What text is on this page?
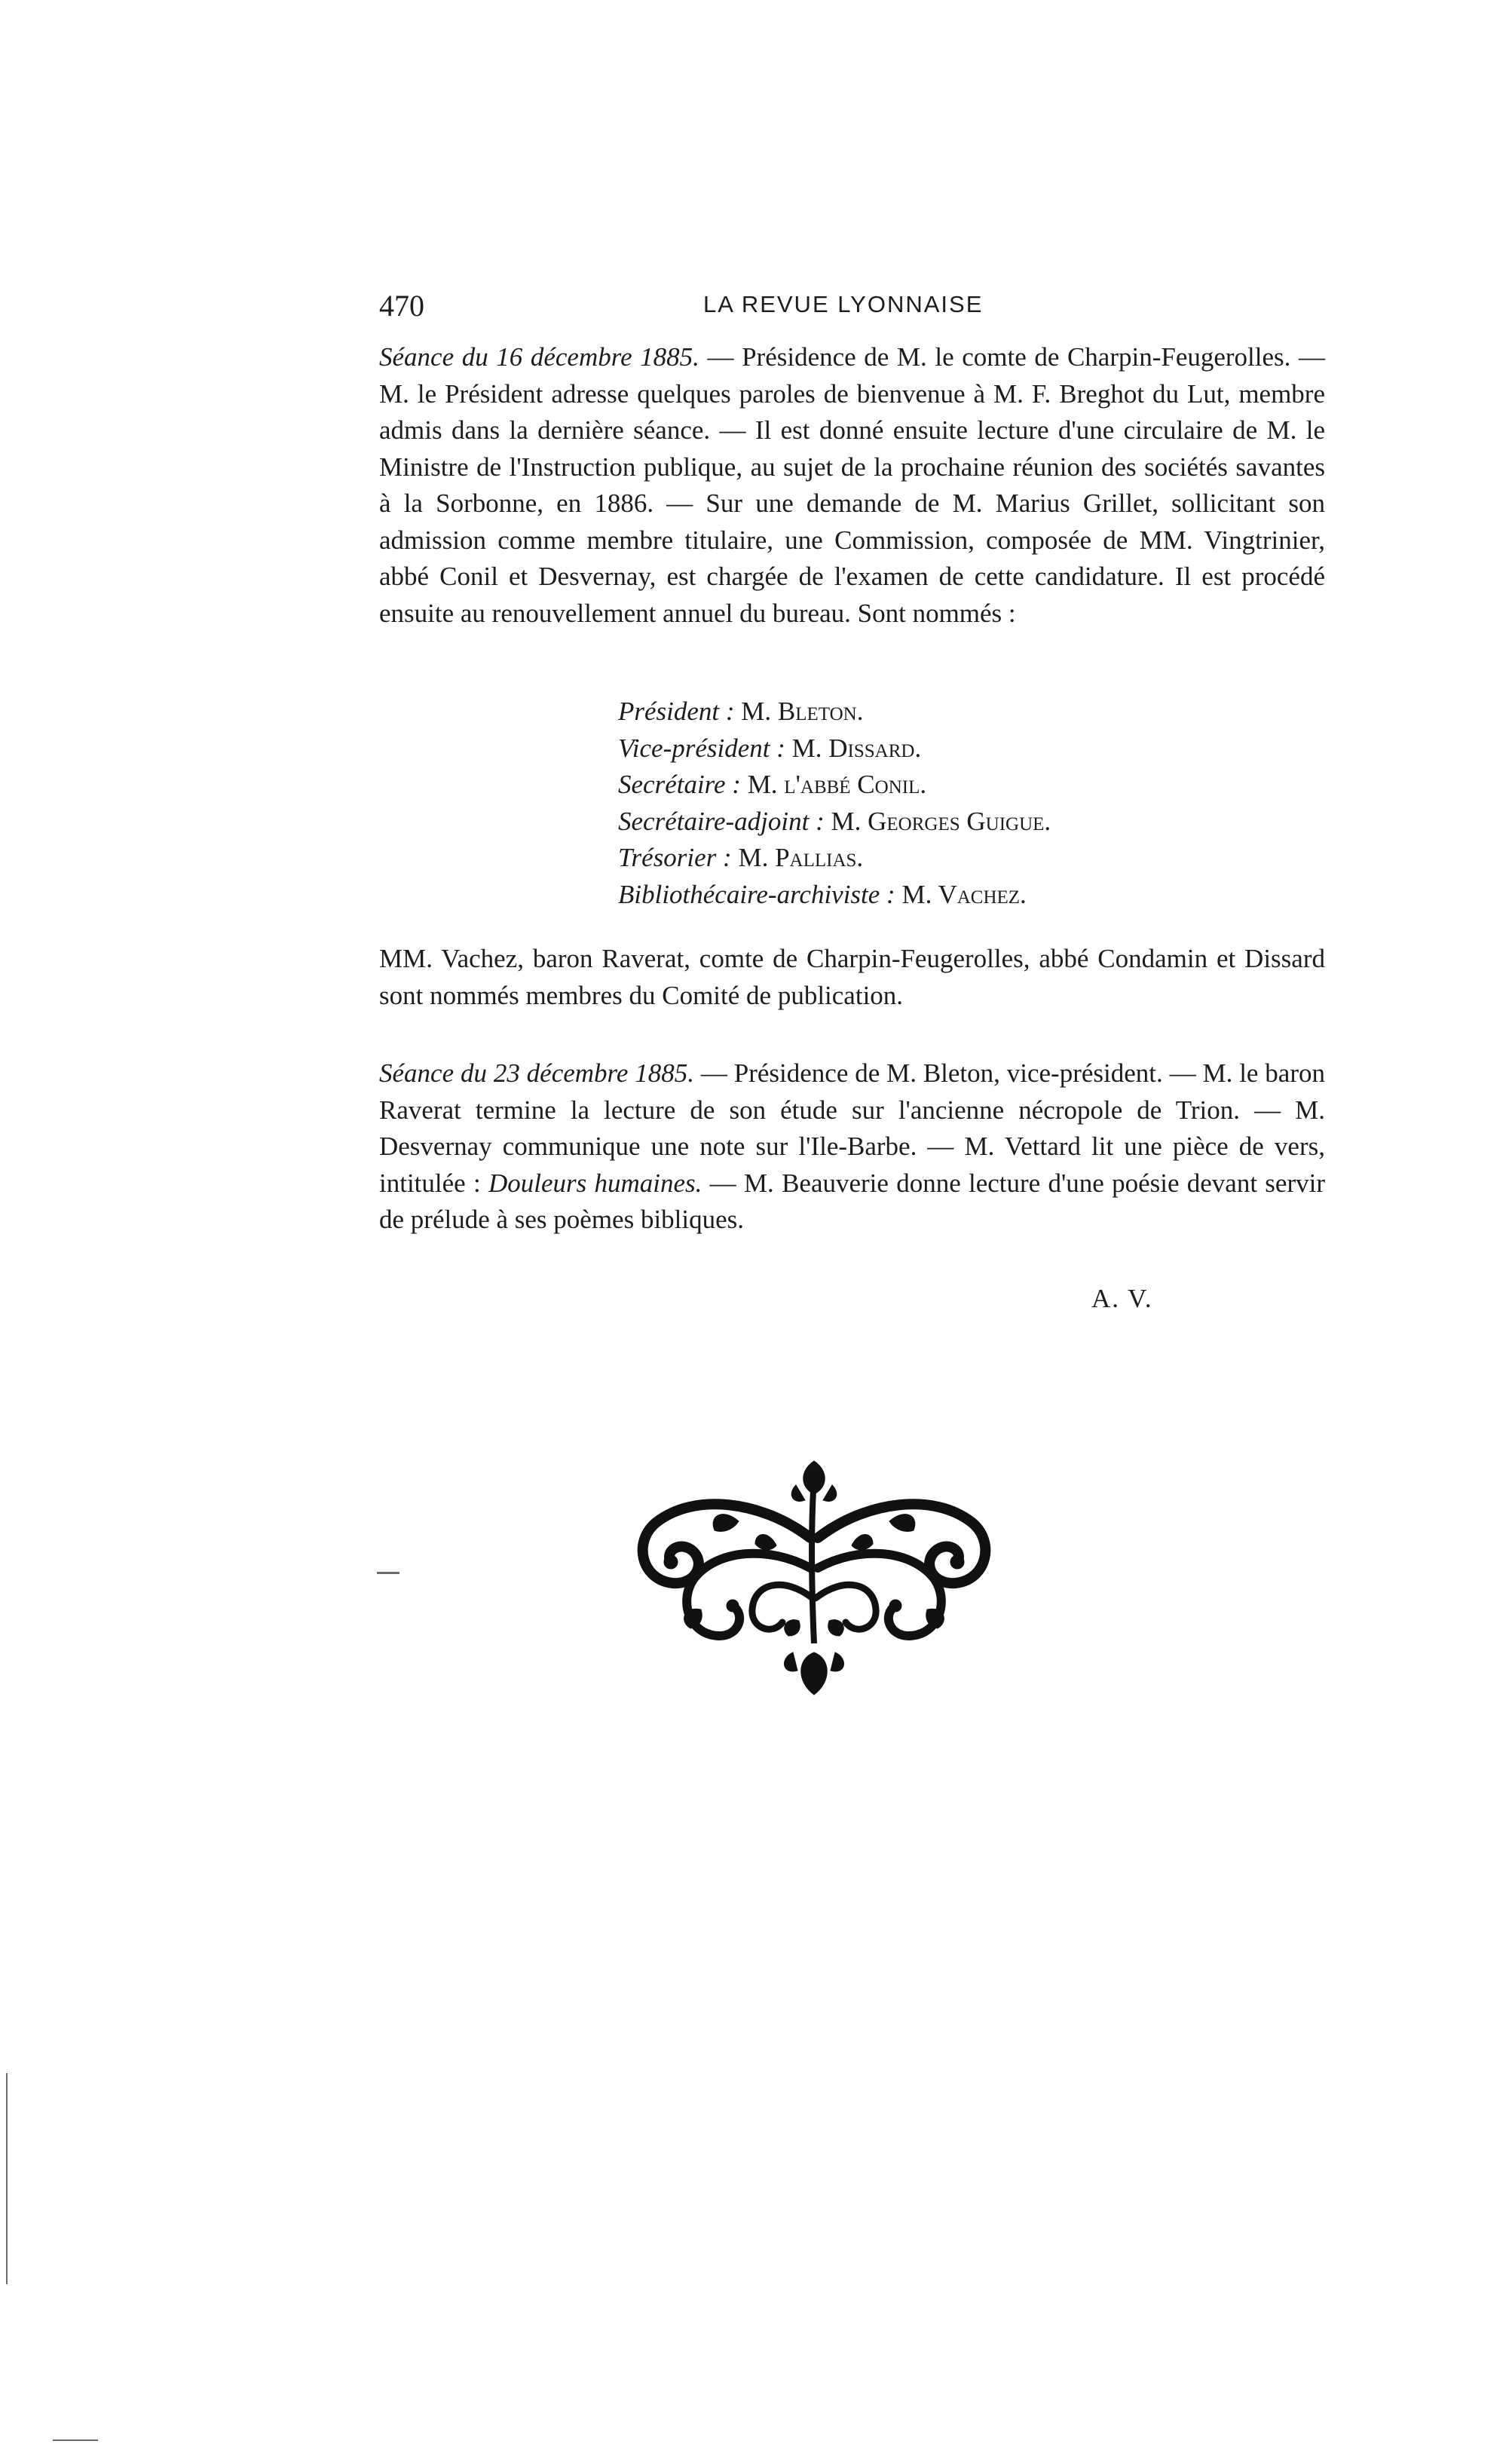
470	LA REVUE LYONNAISE

Séance du 16 décembre 1885. — Présidence de M. le comte de Charpin-Feugerolles. — M. le Président adresse quelques paroles de bienvenue à M. F. Breghot du Lut, membre admis dans la dernière séance. — Il est donné ensuite lecture d'une circulaire de M. le Ministre de l'Instruction publique, au sujet de la prochaine réunion des sociétés savantes à la Sorbonne, en 1886. — Sur une demande de M. Marius Grillet, sollicitant son admission comme membre titulaire, une Commission, composée de MM. Vingtrinier, abbé Conil et Desvernay, est chargée de l'examen de cette candidature. Il est procédé ensuite au renouvellement annuel du bureau. Sont nommés :

Président : M. Bleton.

Vice-président : M. Dissard.

Secrétaire : M. l'abbé Conil.

Secrétaire-adjoint : M. Georges Guigue.

Trésorier : M. Pallias.

Bibliothécaire-archiviste : M. Vachez.

MM. Vachez, baron Raverat, comte de Charpin-Feugerolles, abbé Condamin et Dissard sont nommés membres du Comité de publication.

Séance du 23 décembre 1885. — Présidence de M. Bleton, vice-président. — M. le baron Raverat termine la lecture de son étude sur l'ancienne nécropole de Trion. — M. Desvernay communique une note sur l'Ile-Barbe. — M. Vettard lit une pièce de vers, intitulée : Douleurs humaines. — M. Beauverie donne lecture d'une poésie devant servir de prélude à ses poèmes bibliques.

A. V.
